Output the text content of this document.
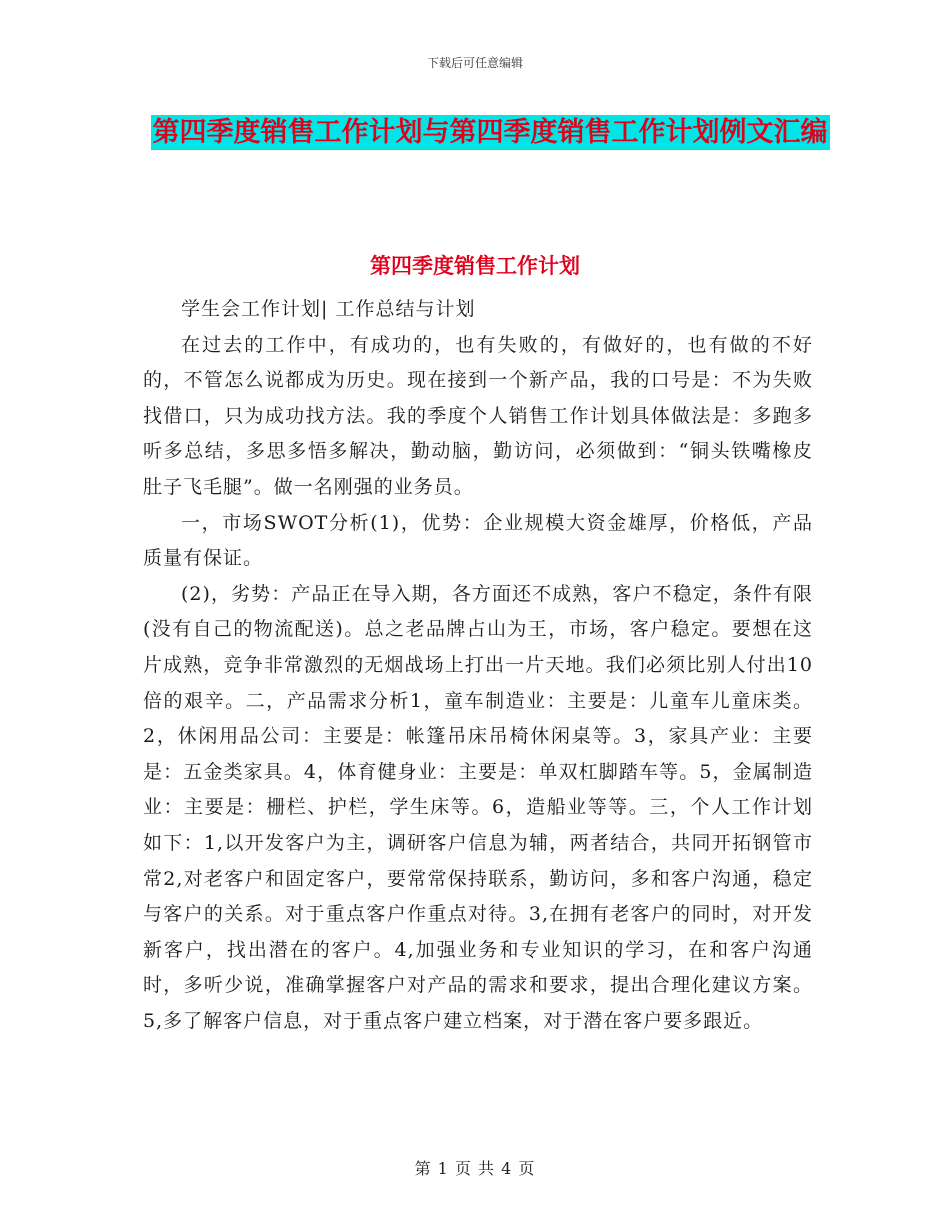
下载后可任意编辑
第四季度销售工作计划与第四季度销售工作计划例文汇编
第四季度销售工作计划

学生会工作计划| 工作总结与计划

在过去的工作中，有成功的，也有失败的，有做好的，也有做的不好的，不管怎么说都成为历史。现在接到一个新产品，我的口号是：不为失败找借口，只为成功找方法。我的季度个人销售工作计划具体做法是：多跑多听多总结，多思多悟多解决，勤动脑，勤访问，必须做到：“铜头铁嘴橡皮肚子飞毛腿”。做一名刚强的业务员。

一，市场SWOT分析(1)，优势：企业规模大资金雄厚，价格低，产品质量有保证。

(2)，劣势：产品正在导入期，各方面还不成熟，客户不稳定，条件有限(没有自己的物流配送)。总之老品牌占山为王，市场，客户稳定。要想在这片成熟，竞争非常激烈的无烟战场上打出一片天地。我们必须比别人付出10倍的艰辛。二，产品需求分析1，童车制造业：主要是：儿童车儿童床类。2，休闲用品公司：主要是：帐篷吊床吊椅休闲桌等。3，家具产业：主要是：五金类家具。4，体育健身业：主要是：单双杠脚踏车等。5，金属制造业：主要是：栅栏、护栏，学生床等。6，造船业等等。三，个人工作计划如下：1,以开发客户为主，调研客户信息为辅，两者结合，共同开拓钢管市常2,对老客户和固定客户，要常常保持联系，勤访问，多和客户沟通，稳定与客户的关系。对于重点客户作重点对待。3,在拥有老客户的同时，对开发新客户，找出潜在的客户。4,加强业务和专业知识的学习，在和客户沟通时，多听少说，准确掌握客户对产品的需求和要求，提出合理化建议方案。5,多了解客户信息，对于重点客户建立档案，对于潜在客户要多跟近。

第 1 页 共 4 页
